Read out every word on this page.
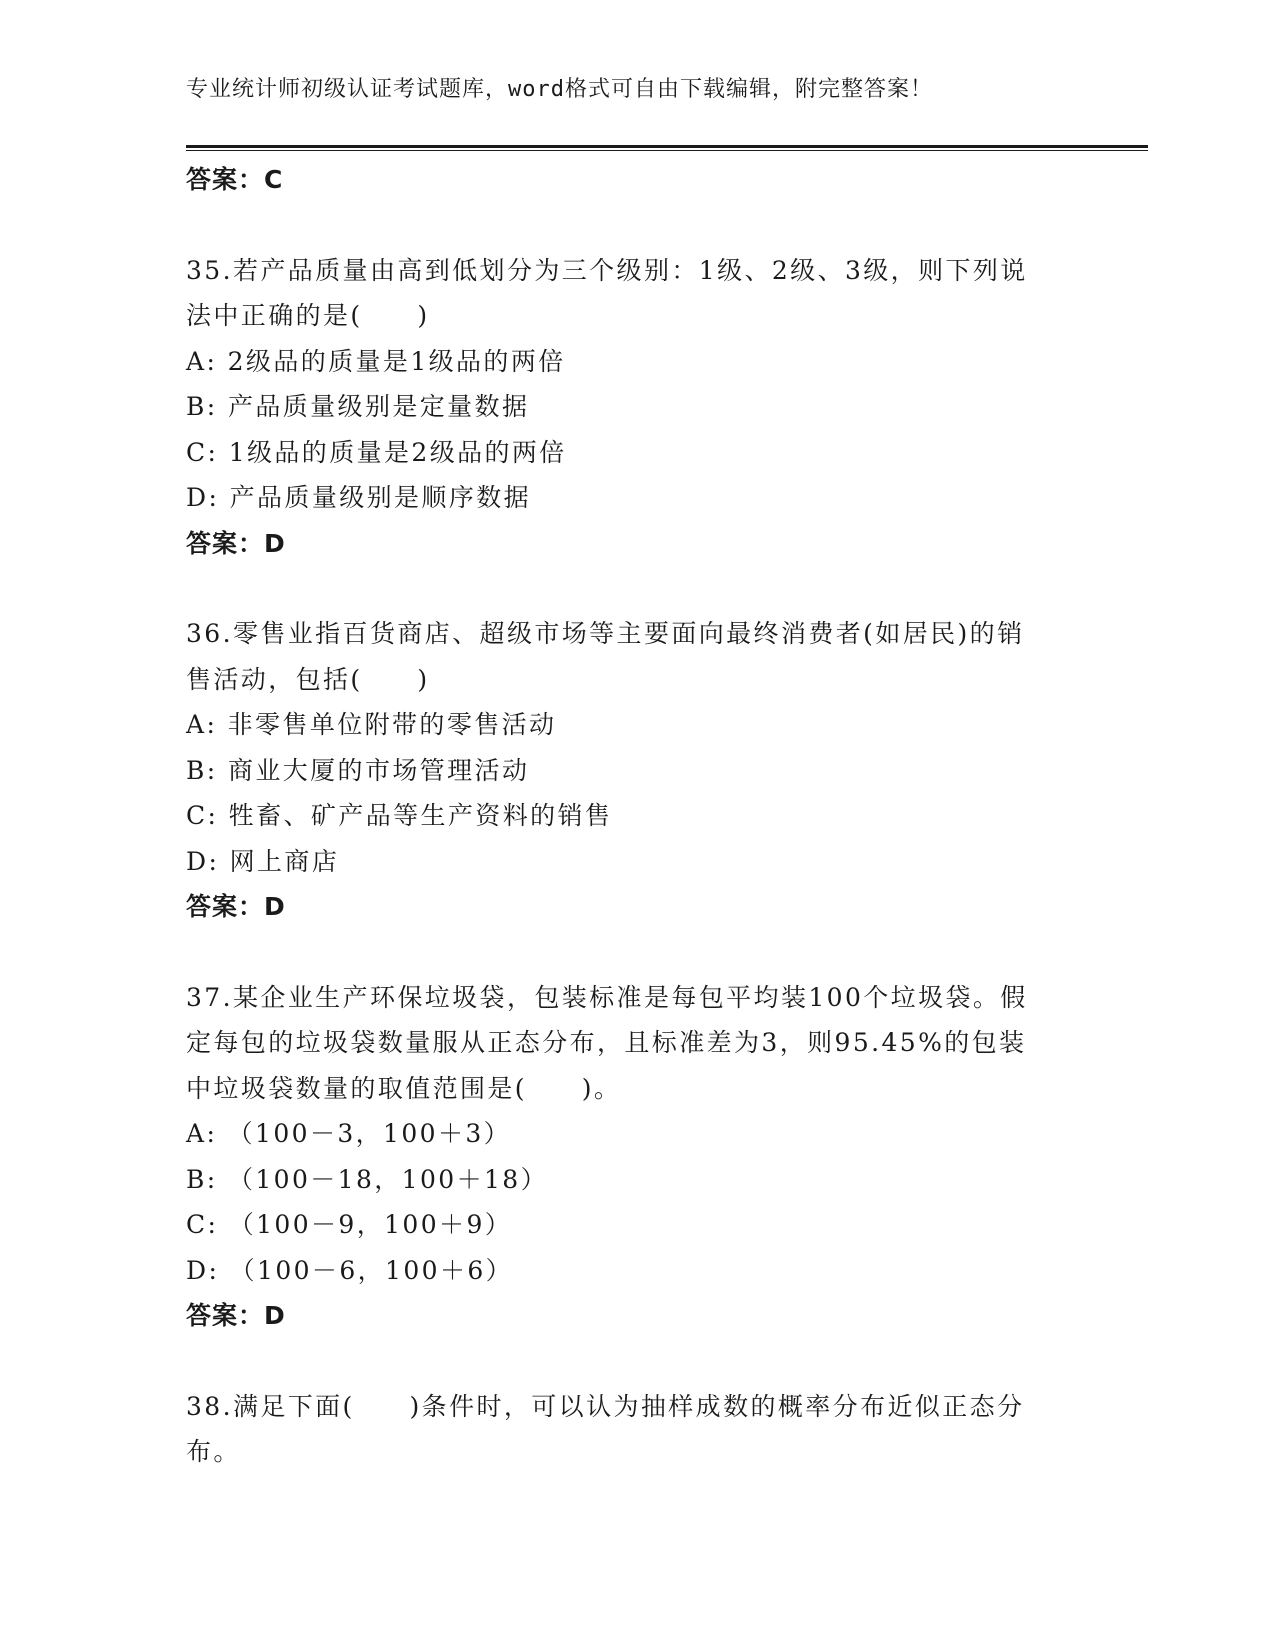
专业统计师初级认证考试题库，word格式可自由下载编辑，附完整答案！
答案：C
35.若产品质量由高到低划分为三个级别：1级、2级、3级，则下列说
法中正确的是(　　)
A: 2级品的质量是1级品的两倍
B: 产品质量级别是定量数据
C: 1级品的质量是2级品的两倍
D: 产品质量级别是顺序数据
答案：D
36.零售业指百货商店、超级市场等主要面向最终消费者(如居民)的销
售活动，包括(　　)
A: 非零售单位附带的零售活动
B: 商业大厦的市场管理活动
C: 牲畜、矿产品等生产资料的销售
D: 网上商店
答案：D
37.某企业生产环保垃圾袋，包装标准是每包平均装100个垃圾袋。假
定每包的垃圾袋数量服从正态分布，且标准差为3，则95.45%的包装
中垃圾袋数量的取值范围是(　　)。
A: （100－3，100＋3）
B: （100－18，100＋18）
C: （100－9，100＋9）
D: （100－6，100＋6）
答案：D
38.满足下面(　　)条件时，可以认为抽样成数的概率分布近似正态分
布。
